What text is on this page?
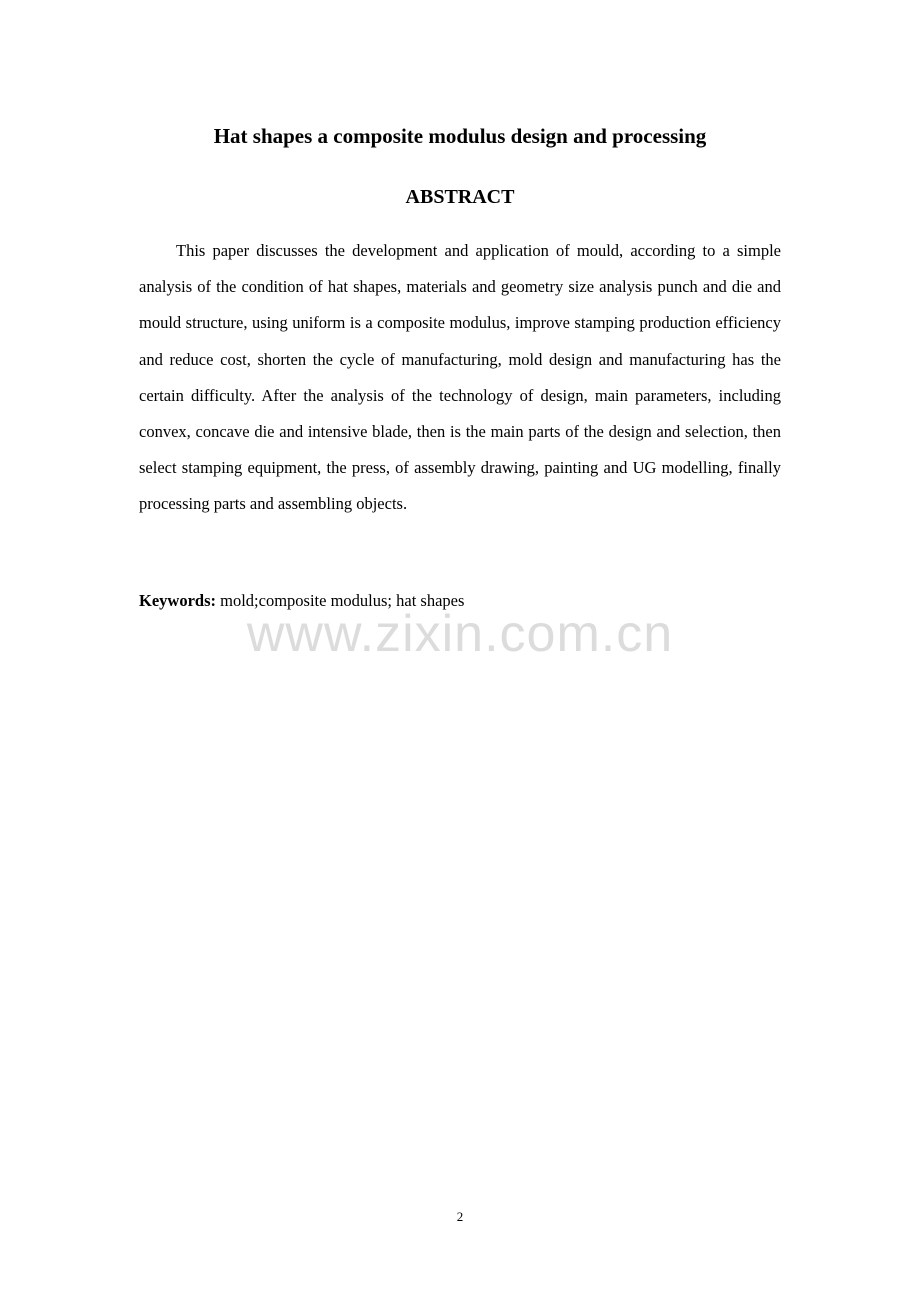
Hat shapes a composite modulus design and processing
ABSTRACT

This paper discusses the development and application of mould, according to a simple analysis of the condition of hat shapes, materials and geometry size analysis punch and die and mould structure, using uniform is a composite modulus, improve stamping production efficiency and reduce cost, shorten the cycle of manufacturing, mold design and manufacturing has the certain difficulty. After the analysis of the technology of design, main parameters, including convex, concave die and intensive blade, then is the main parts of the design and selection, then select stamping equipment, the press, of assembly drawing, painting and UG modelling, finally processing parts and assembling objects.

Keywords: mold;composite modulus; hat shapes

www.zixin.com.cn
2
